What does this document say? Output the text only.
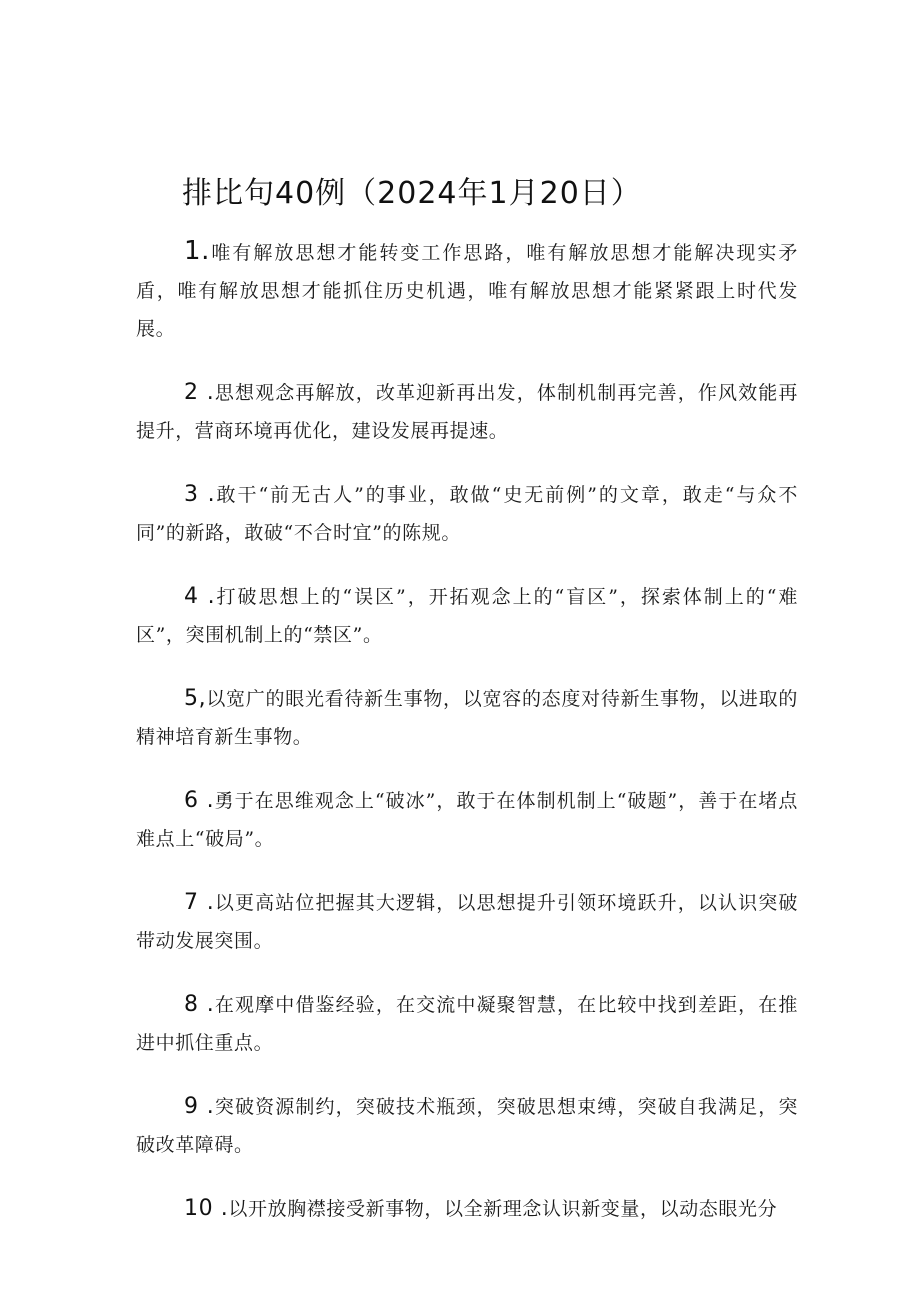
排比句40例（2024年1月20日）

1.唯有解放思想才能转变工作思路，唯有解放思想才能解决现实矛盾，唯有解放思想才能抓住历史机遇，唯有解放思想才能紧紧跟上时代发展。

2 .思想观念再解放，改革迎新再出发，体制机制再完善，作风效能再提升，营商环境再优化，建设发展再提速。

3 .敢干“前无古人”的事业，敢做“史无前例”的文章，敢走“与众不同”的新路，敢破“不合时宜”的陈规。

4 .打破思想上的“误区”，开拓观念上的“盲区”，探索体制上的“难区”，突围机制上的“禁区”。

5,以宽广的眼光看待新生事物，以宽容的态度对待新生事物，以进取的精神培育新生事物。

6 .勇于在思维观念上“破冰”，敢于在体制机制上“破题”，善于在堵点难点上“破局”。

7 .以更高站位把握其大逻辑，以思想提升引领环境跃升，以认识突破带动发展突围。

8 .在观摩中借鉴经验，在交流中凝聚智慧，在比较中找到差距，在推进中抓住重点。

9 .突破资源制约，突破技术瓶颈，突破思想束缚，突破自我满足，突破改革障碍。

10 .以开放胸襟接受新事物，以全新理念认识新变量，以动态眼光分
